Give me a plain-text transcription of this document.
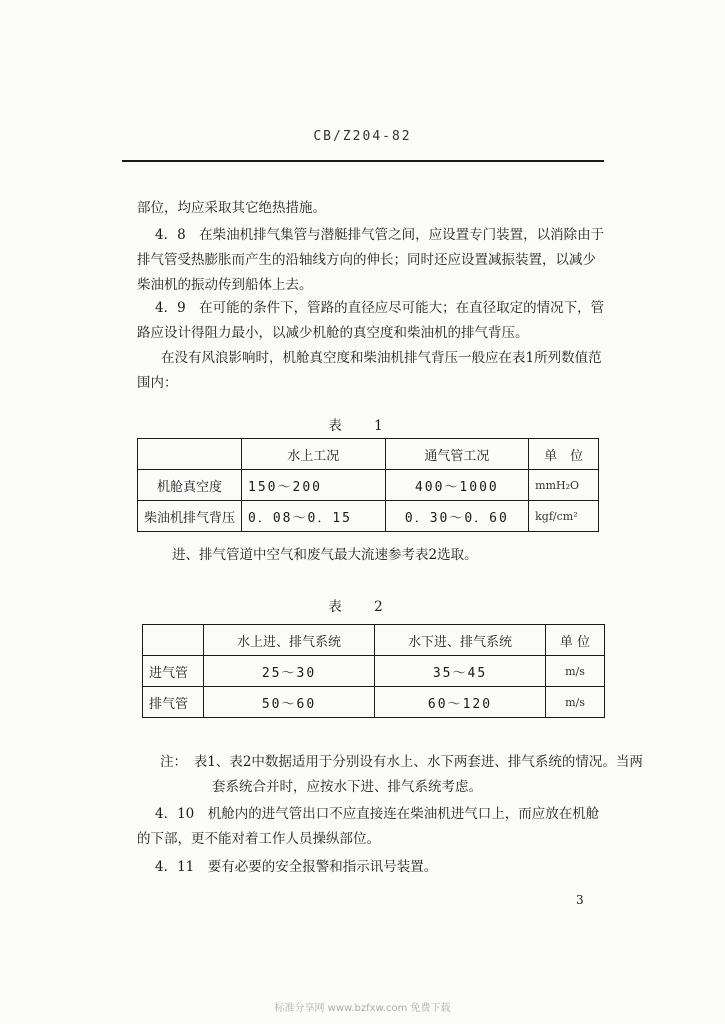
CB/Z204-82

部位，均应采取其它绝热措施。

4．8　在柴油机排气集管与潜艇排气管之间，应设置专门装置，以消除由于排气管受热膨胀而产生的沿轴线方向的伸长；同时还应设置减振装置，以减少柴油机的振动传到船体上去。

4．9　在可能的条件下，管路的直径应尽可能大；在直径取定的情况下，管路应设计得阻力最小，以减少机舱的真空度和柴油机的排气背压。

在没有风浪影响时，机舱真空度和柴油机排气背压一般应在表1所列数值范围内：

表 1
	水上工况	通气管工况	单　位
机舱真空度	150～200	400～1000	mmH₂O
柴油机排气背压	0．08～0．15	0．30～0．60	kgf/cm²

进、排气管道中空气和废气最大流速参考表2选取。

表 2
	水上进、排气系统	水下进、排气系统	单 位
进气管	25～30	35～45	m/s
排气管	50～60	60～120	m/s

注：　表1、表2中数据适用于分别设有水上、水下两套进、排气系统的情况。当两套系统合并时，应按水下进、排气系统考虑。

4．10　机舱内的进气管出口不应直接连在柴油机进气口上，而应放在机舱的下部，更不能对着工作人员操纵部位。

4．11　要有必要的安全报警和指示讯号装置。

3
标准分享网 www.bzfxw.com 免费下载
